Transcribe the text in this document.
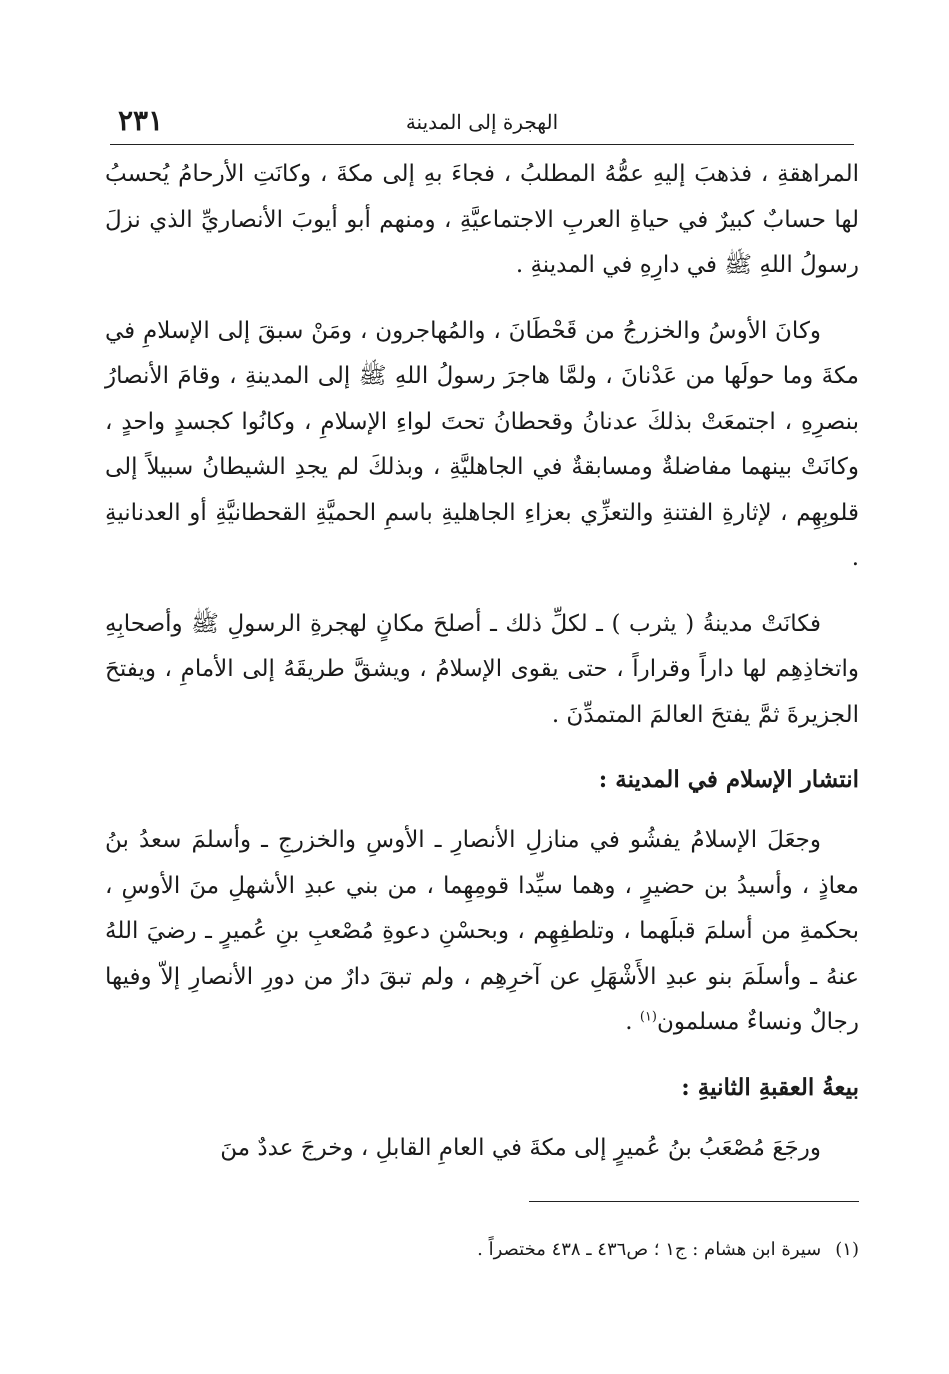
٢٣١	الهجرة إلى المدينة

المراهقةِ ، فذهبَ إليهِ عمُّهُ المطلبُ ، فجاءَ بهِ إلى مكةَ ، وكانَتِ الأرحامُ يُحسبُ لها حسابٌ كبيرٌ في حياةِ العربِ الاجتماعيَّةِ ، ومنهم أبو أيوبَ الأنصاريِّ الذي نزلَ رسولُ اللهِ ﷺ في دارِهِ في المدينةِ .

وكانَ الأوسُ والخزرجُ من قَحْطَانَ ، والمُهاجرون ، ومَنْ سبقَ إلى الإسلامِ في مكةَ وما حولَها من عَدْنانَ ، ولمَّا هاجرَ رسولُ اللهِ ﷺ إلى المدينةِ ، وقامَ الأنصارُ بنصرِهِ ، اجتمعَتْ بذلكَ عدنانُ وقحطانُ تحتَ لواءِ الإسلامِ ، وكانُوا كجسدٍ واحدٍ ، وكانَتْ بينهما مفاضلةٌ ومسابقةٌ في الجاهليَّةِ ، وبذلكَ لم يجدِ الشيطانُ سبيلاً إلى قلوبِهِم ، لإثارةِ الفتنةِ والتعزِّي بعزاءِ الجاهليةِ باسمِ الحميَّةِ القحطانيَّةِ أو العدنانيةِ .

فكانَتْ مدينةُ ( يثرب ) ـ لكلِّ ذلك ـ أصلحَ مكانٍ لهجرةِ الرسولِ ﷺ وأصحابِهِ واتخاذِهِم لها داراً وقراراً ، حتى يقوى الإسلامُ ، ويشقَّ طريقَهُ إلى الأمامِ ، ويفتحَ الجزيرةَ ثمَّ يفتحَ العالمَ المتمدِّنَ .

انتشار الإسلام في المدينة :

وجعَلَ الإسلامُ يفشُو في منازلِ الأنصارِ ـ الأوسِ والخزرجِ ـ وأسلمَ سعدُ بنُ معاذٍ ، وأسيدُ بن حضيرٍ ، وهما سيِّدا قومِهِما ، من بني عبدِ الأشهلِ منَ الأوسِ ، بحكمةِ من أسلمَ قبلَهما ، وتلطفِهِم ، وبحسْنِ دعوةِ مُصْعبِ بنِ عُميرٍ ـ رضيَ اللهُ عنهُ ـ وأسلَمَ بنو عبدِ الأَشْهَلِ عن آخرِهِم ، ولم تبقَ دارٌ من دورِ الأنصارِ إلاّ وفيها رجالٌ ونساءٌ مسلمون$^{(١)}$ .

بيعةُ العقبةِ الثانيةِ :

ورجَعَ مُصْعَبُ بنُ عُميرٍ إلى مكةَ في العامِ القابلِ ، وخرجَ عددٌ منَ

(١)سيرة ابن هشام : ج١ ؛ ص٤٣٦ ـ ٤٣٨ مختصراً .
